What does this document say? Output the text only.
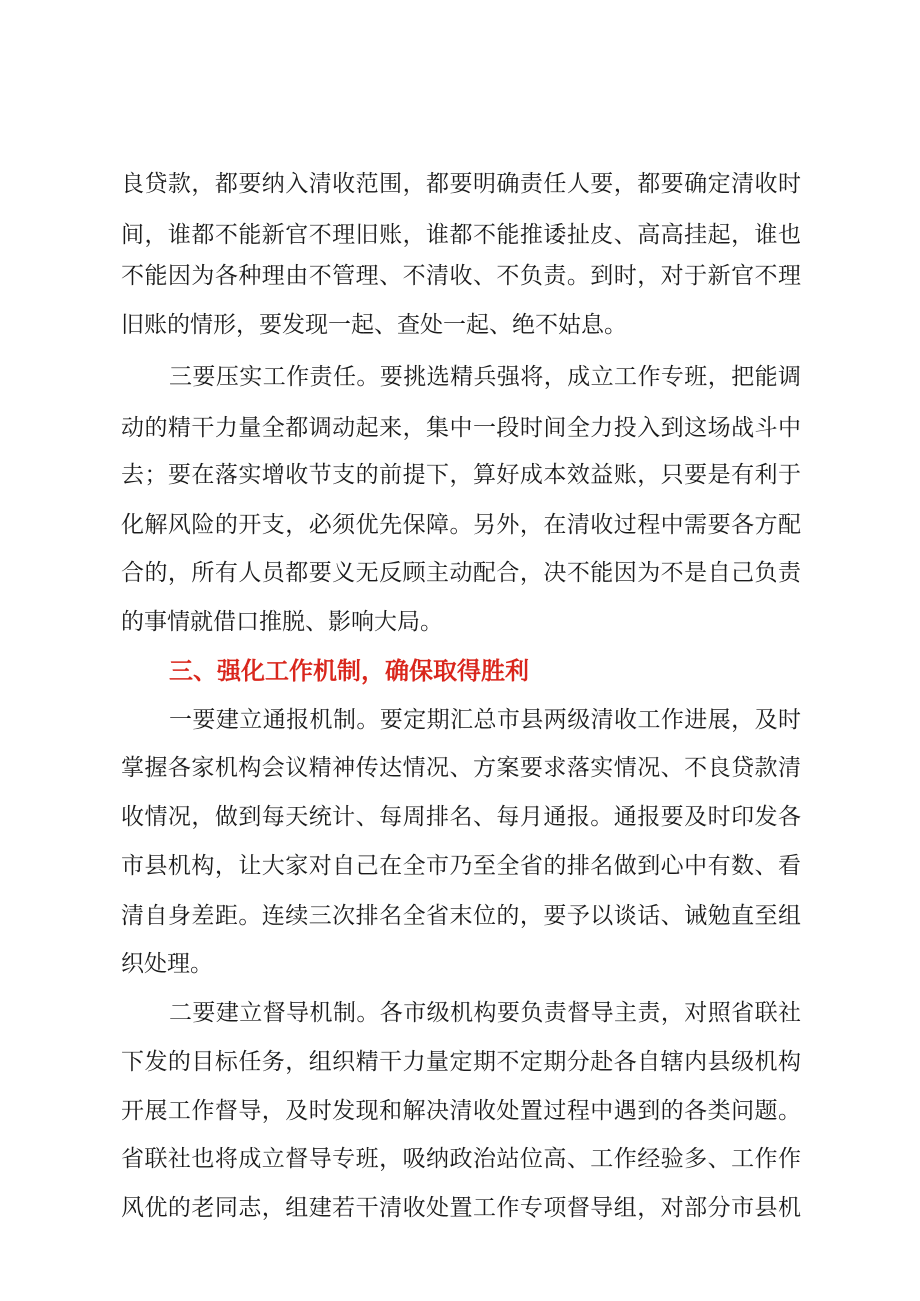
良贷款，都要纳入清收范围，都要明确责任人要，都要确定清收时
间，谁都不能新官不理旧账，谁都不能推诿扯皮、高高挂起，谁也
不能因为各种理由不管理、不清收、不负责。到时，对于新官不理
旧账的情形，要发现一起、查处一起、绝不姑息。
三要压实工作责任。要挑选精兵强将，成立工作专班，把能调
动的精干力量全都调动起来，集中一段时间全力投入到这场战斗中
去；要在落实增收节支的前提下，算好成本效益账，只要是有利于
化解风险的开支，必须优先保障。另外，在清收过程中需要各方配
合的，所有人员都要义无反顾主动配合，决不能因为不是自己负责
的事情就借口推脱、影响大局。
三、强化工作机制，确保取得胜利
一要建立通报机制。要定期汇总市县两级清收工作进展，及时
掌握各家机构会议精神传达情况、方案要求落实情况、不良贷款清
收情况，做到每天统计、每周排名、每月通报。通报要及时印发各
市县机构，让大家对自己在全市乃至全省的排名做到心中有数、看
清自身差距。连续三次排名全省末位的，要予以谈话、诫勉直至组
织处理。
二要建立督导机制。各市级机构要负责督导主责，对照省联社
下发的目标任务，组织精干力量定期不定期分赴各自辖内县级机构
开展工作督导，及时发现和解决清收处置过程中遇到的各类问题。
省联社也将成立督导专班，吸纳政治站位高、工作经验多、工作作
风优的老同志，组建若干清收处置工作专项督导组，对部分市县机
